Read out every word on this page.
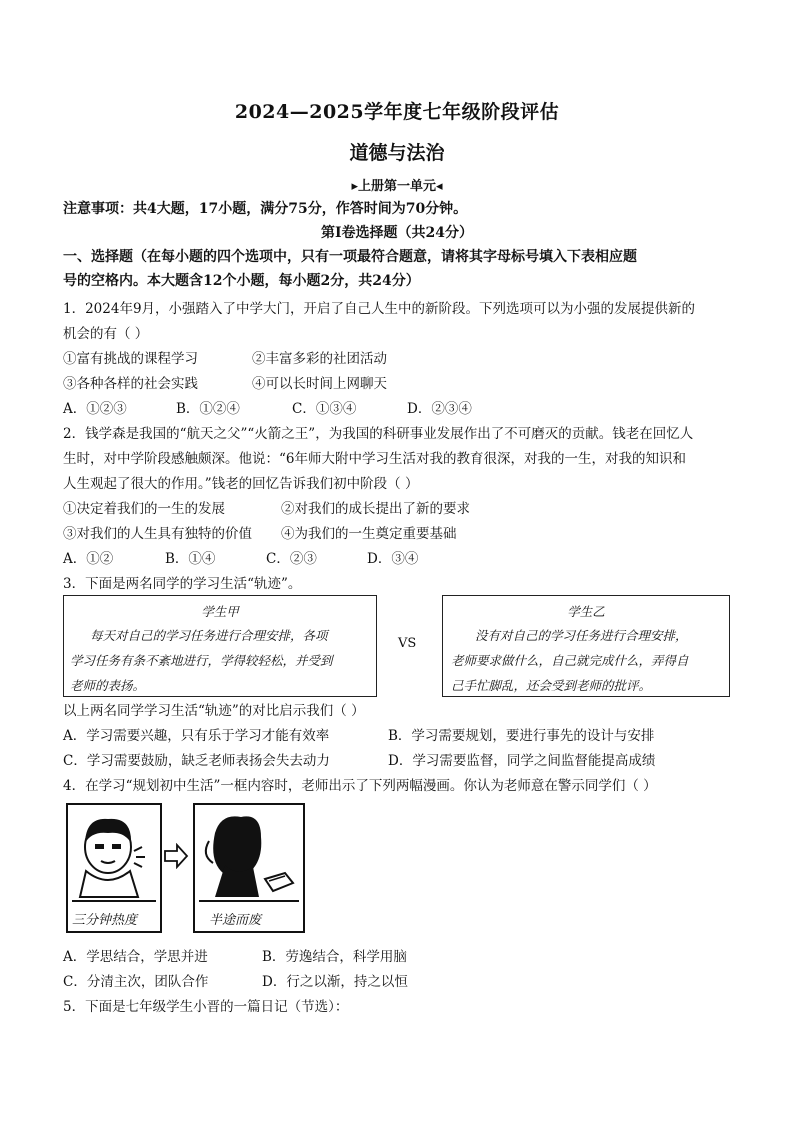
2024—2025学年度七年级阶段评估
道德与法治
▸上册第一单元◂
注意事项：共4大题，17小题，满分75分，作答时间为70分钟。
第Ⅰ卷选择题（共24分）
一、选择题（在每小题的四个选项中，只有一项最符合题意，请将其字母标号填入下表相应题
号的空格内。本大题含12个小题，每小题2分，共24分）
1．2024年9月，小强踏入了中学大门，开启了自己人生中的新阶段。下列选项可以为小强的发展提供新的
机会的有（ ）
①富有挑战的课程学习	②丰富多彩的社团活动
③各种各样的社会实践	④可以长时间上网聊天
A．①②③	B．①②④	C．①③④	D．②③④
2．钱学森是我国的“航天之父”“火箭之王”，为我国的科研事业发展作出了不可磨灭的贡献。钱老在回忆人
生时，对中学阶段感触颇深。他说：“6年师大附中学习生活对我的教育很深，对我的一生，对我的知识和
人生观起了很大的作用。”钱老的回忆告诉我们初中阶段（ ）
①决定着我们的一生的发展	②对我们的成长提出了新的要求
③对我们的人生具有独特的价值 ④为我们的一生奠定重要基础
A．①②	B．①④	C．②③	D．③④
3．下面是两名同学的学习生活“轨迹”。
学生甲
每天对自己的学习任务进行合理安排，各项
学习任务有条不紊地进行，学得较轻松，并受到
老师的表扬。
VS
学生乙
没有对自己的学习任务进行合理安排，
老师要求做什么，自己就完成什么，弄得自
己手忙脚乱，还会受到老师的批评。
以上两名同学学习生活“轨迹”的对比启示我们（ ）
A．学习需要兴趣，只有乐于学习才能有效率	B．学习需要规划，要进行事先的设计与安排
C．学习需要鼓励，缺乏老师表扬会失去动力	D．学习需要监督，同学之间监督能提高成绩
4．在学习“规划初中生活”一框内容时，老师出示了下列两幅漫画。你认为老师意在警示同学们（ ）
三分钟热度	半途而废
A．学思结合，学思并进	B．劳逸结合，科学用脑
C．分清主次，团队合作	D．行之以渐，持之以恒
5．下面是七年级学生小晋的一篇日记（节选）：
